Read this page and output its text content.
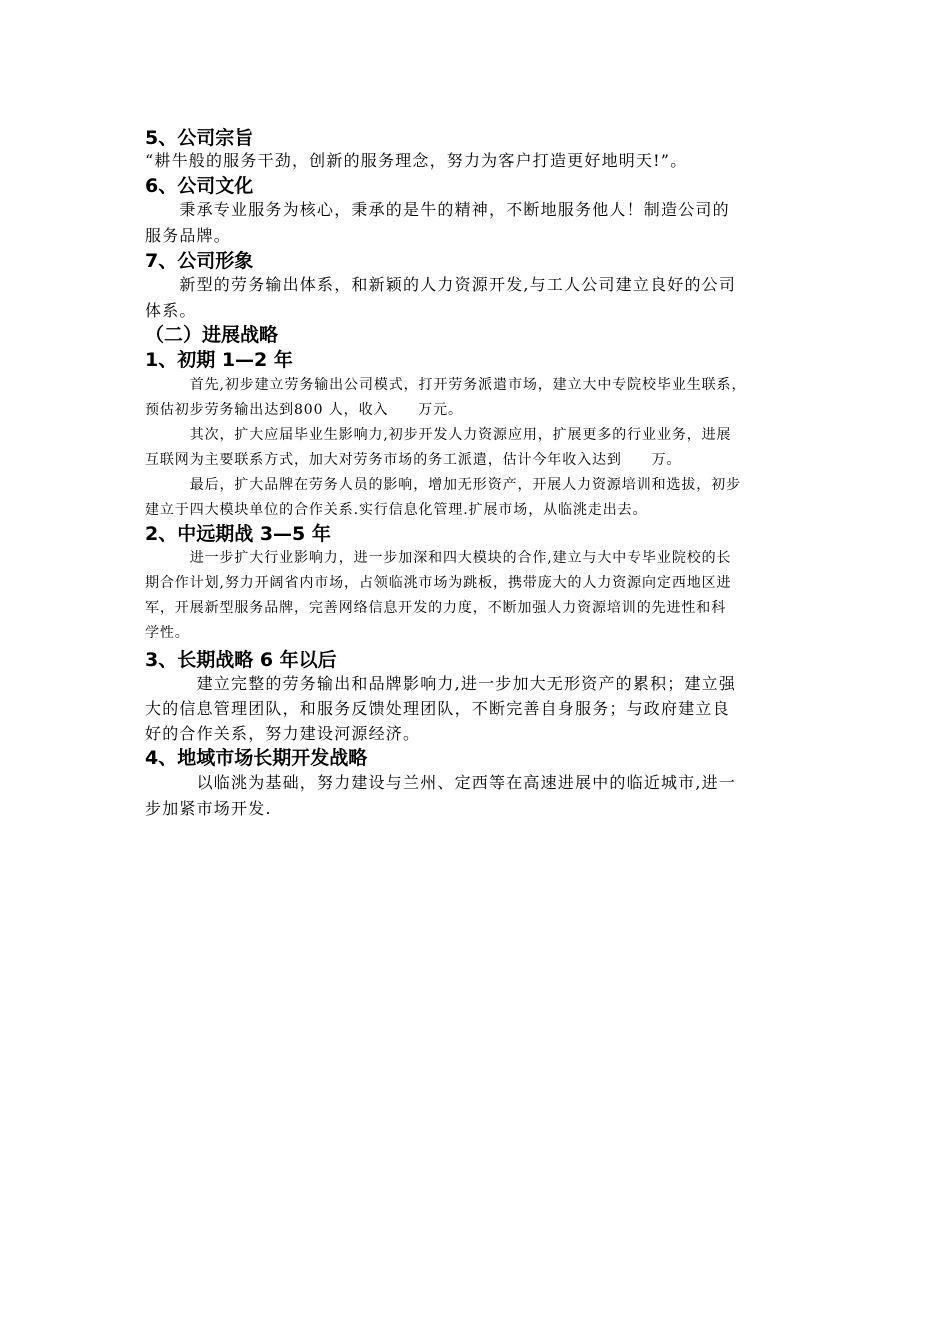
5、公司宗旨
“耕牛般的服务干劲，创新的服务理念，努力为客户打造更好地明天!”。
6、公司文化
　　秉承专业服务为核心，秉承的是牛的精神，不断地服务他人！制造公司的
服务品牌。
7、公司形象
　　新型的劳务输出体系，和新颖的人力资源开发,与工人公司建立良好的公司
体系。
（二）进展战略
1、初期 1—2 年
　　　首先,初步建立劳务输出公司模式，打开劳务派遣市场，建立大中专院校毕业生联系，
预估初步劳务输出达到800 人，收入　　万元。
　　　其次，扩大应届毕业生影响力,初步开发人力资源应用，扩展更多的行业业务，进展
互联网为主要联系方式，加大对劳务市场的务工派遣，估计今年收入达到　　万。
　　　最后，扩大品牌在劳务人员的影响，增加无形资产，开展人力资源培训和选拔，初步
建立于四大模块单位的合作关系.实行信息化管理.扩展市场，从临洮走出去。
2、中远期战 3—5 年
　　　进一步扩大行业影响力，进一步加深和四大模块的合作,建立与大中专毕业院校的长
期合作计划,努力开阔省内市场，占领临洮市场为跳板，携带庞大的人力资源向定西地区进
军，开展新型服务品牌，完善网络信息开发的力度，不断加强人力资源培训的先进性和科
学性。
3、长期战略 6 年以后
　　　建立完整的劳务输出和品牌影响力,进一步加大无形资产的累积；建立强
大的信息管理团队，和服务反馈处理团队，不断完善自身服务；与政府建立良
好的合作关系，努力建设河源经济。
4、地域市场长期开发战略
　　　以临洮为基础，努力建设与兰州、定西等在高速进展中的临近城市,进一
步加紧市场开发.
